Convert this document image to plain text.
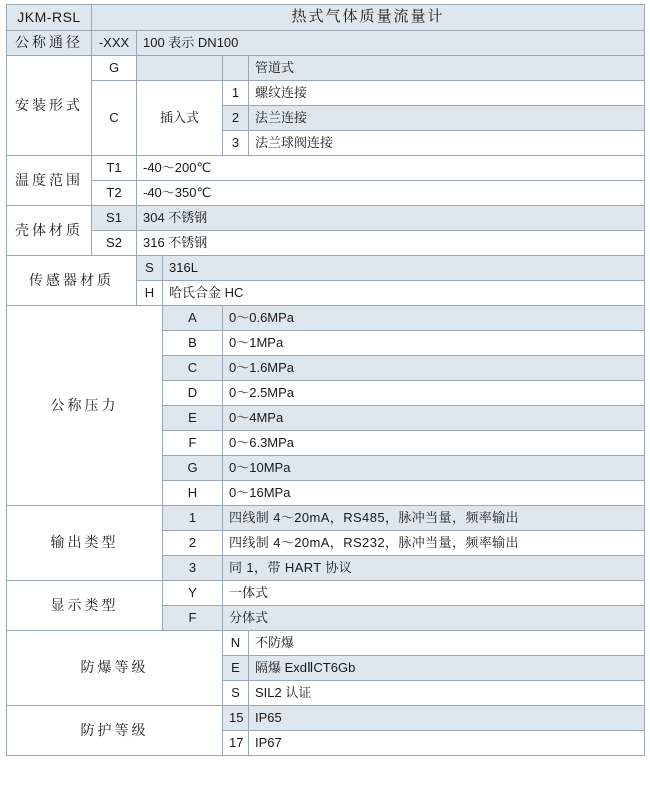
JKM-RSL	热式气体质量流量计				
公称通径	-XXX	100 表示 DN100			
安装形式	G				管道式
	C	插入式		1	螺纹连接
				2	法兰连接
				3	法兰球阀连接
温度范围	T1	-40～200℃			
	T2	-40～350℃			
壳体材质	S1	304 不锈钢			
	S2	316 不锈钢			
传感器材质		S	316L		
		H	哈氏合金 HC		
公称压力			A	0～0.6MPa	
			B	0～1MPa	
			C	0～1.6MPa	
			D	0～2.5MPa	
			E	0～4MPa	
			F	0～6.3MPa	
			G	0～10MPa	
			H	0～16MPa	
输出类型			1	四线制 4～20mA，RS485，脉冲当量，频率输出	
			2	四线制 4～20mA，RS232，脉冲当量，频率输出	
			3	同 1，带 HART 协议	
显示类型			Y	一体式	
			F	分体式	
防爆等级				N	不防爆
				E	隔爆 ExdⅡCT6Gb
				S	SIL2 认证
防护等级				15	IP65
				17	IP67
